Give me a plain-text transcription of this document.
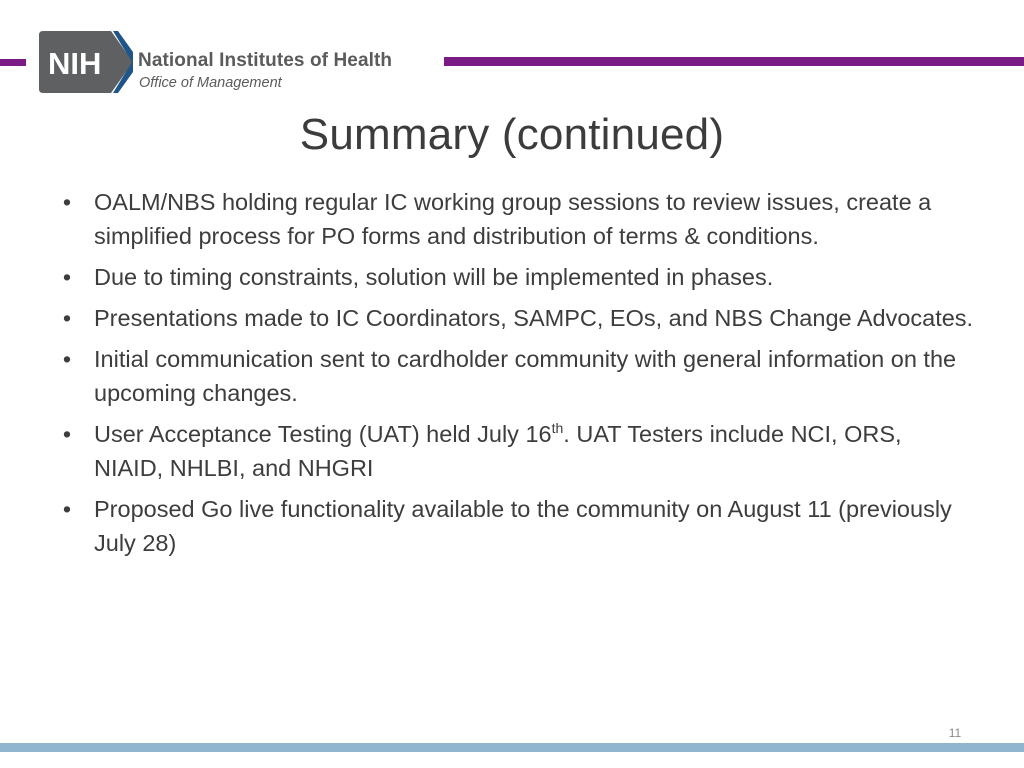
NIH National Institutes of Health
Office of Management
Summary (continued)
• OALM/NBS holding regular IC working group sessions to review issues, create a simplified process for PO forms and distribution of terms & conditions.
• Due to timing constraints, solution will be implemented in phases.
• Presentations made to IC Coordinators, SAMPC, EOs, and NBS Change Advocates.
• Initial communication sent to cardholder community with general information on the upcoming changes.
• User Acceptance Testing (UAT) held July 16th. UAT Testers include NCI, ORS, NIAID, NHLBI, and NHGRI
• Proposed Go live functionality available to the community on August 11 (previously July 28)
11
